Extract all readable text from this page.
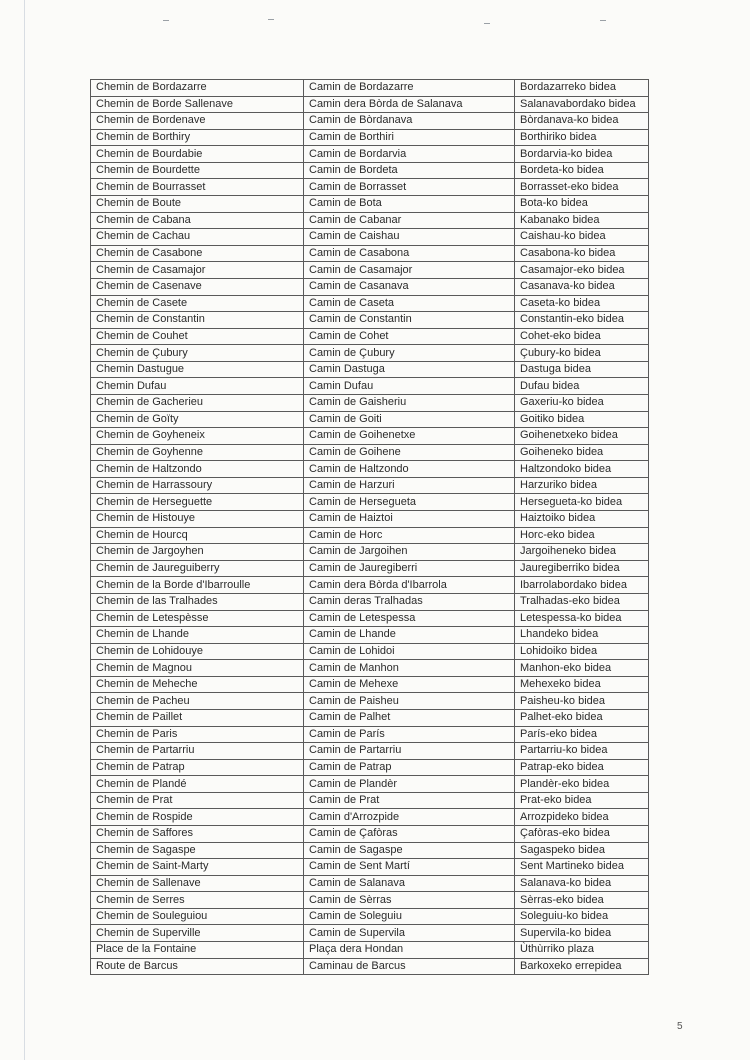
Chemin de Bordazarre	Camin de Bordazarre	Bordazarreko bidea
Chemin de Borde Sallenave	Camin dera Bòrda de Salanava	Salanavabordako bidea
Chemin de Bordenave	Camin de Bòrdanava	Bòrdanava-ko bidea
Chemin de Borthiry	Camin de Borthiri	Borthiriko bidea
Chemin de Bourdabie	Camin de Bordarvia	Bordarvia-ko bidea
Chemin de Bourdette	Camin de Bordeta	Bordeta-ko bidea
Chemin de Bourrasset	Camin de Borrasset	Borrasset-eko bidea
Chemin de Boute	Camin de Bota	Bota-ko bidea
Chemin de Cabana	Camin de Cabanar	Kabanako bidea
Chemin de Cachau	Camin de Caishau	Caishau-ko bidea
Chemin de Casabone	Camin de Casabona	Casabona-ko bidea
Chemin de Casamajor	Camin de Casamajor	Casamajor-eko bidea
Chemin de Casenave	Camin de Casanava	Casanava-ko bidea
Chemin de Casete	Camin de Caseta	Caseta-ko bidea
Chemin de Constantin	Camin de Constantin	Constantin-eko bidea
Chemin de Couhet	Camin de Cohet	Cohet-eko bidea
Chemin de Çubury	Camin de Çubury	Çubury-ko bidea
Chemin Dastugue	Camin Dastuga	Dastuga bidea
Chemin Dufau	Camin Dufau	Dufau bidea
Chemin de Gacherieu	Camin de Gaisheriu	Gaxeriu-ko bidea
Chemin de Goïty	Camin de Goiti	Goitiko bidea
Chemin de Goyheneix	Camin de Goihenetxe	Goihenetxeko bidea
Chemin de Goyhenne	Camin de Goihene	Goiheneko bidea
Chemin de Haltzondo	Camin de Haltzondo	Haltzondoko bidea
Chemin de Harrassoury	Camin de Harzuri	Harzuriko bidea
Chemin de Herseguette	Camin de Hersegueta	Hersegueta-ko bidea
Chemin de Histouye	Camin de Haiztoi	Haiztoiko bidea
Chemin de Hourcq	Camin de Horc	Horc-eko bidea
Chemin de Jargoyhen	Camin de Jargoihen	Jargoiheneko bidea
Chemin de Jaureguiberry	Camin de Jauregiberri	Jauregiberriko bidea
Chemin de la Borde d'Ibarroulle	Camin dera Bòrda d'Ibarrola	Ibarrolabordako bidea
Chemin de las Tralhades	Camin deras Tralhadas	Tralhadas-eko bidea
Chemin de Letespèsse	Camin de Letespessa	Letespessa-ko bidea
Chemin de Lhande	Camin de Lhande	Lhandeko bidea
Chemin de Lohidouye	Camin de Lohidoi	Lohidoiko bidea
Chemin de Magnou	Camin de Manhon	Manhon-eko bidea
Chemin de Meheche	Camin de Mehexe	Mehexeko bidea
Chemin de Pacheu	Camin de Paisheu	Paisheu-ko bidea
Chemin de Paillet	Camin de Palhet	Palhet-eko bidea
Chemin de Paris	Camin de París	París-eko bidea
Chemin de Partarriu	Camin de Partarriu	Partarriu-ko bidea
Chemin de Patrap	Camin de Patrap	Patrap-eko bidea
Chemin de Plandé	Camin de Plandèr	Plandèr-eko bidea
Chemin de Prat	Camin de Prat	Prat-eko bidea
Chemin de Rospide	Camin d'Arrozpide	Arrozpideko bidea
Chemin de Saffores	Camin de Çafòras	Çafòras-eko bidea
Chemin de Sagaspe	Camin de Sagaspe	Sagaspeko bidea
Chemin de Saint-Marty	Camin de Sent Martí	Sent Martineko bidea
Chemin de Sallenave	Camin de Salanava	Salanava-ko bidea
Chemin de Serres	Camin de Sèrras	Sèrras-eko bidea
Chemin de Souleguiou	Camin de Soleguiu	Soleguiu-ko bidea
Chemin de Superville	Camin de Supervila	Supervila-ko bidea
Place de la Fontaine	Plaça dera Hondan	Ùthùrriko plaza
Route de Barcus	Caminau de Barcus	Barkoxeko errepidea
5
